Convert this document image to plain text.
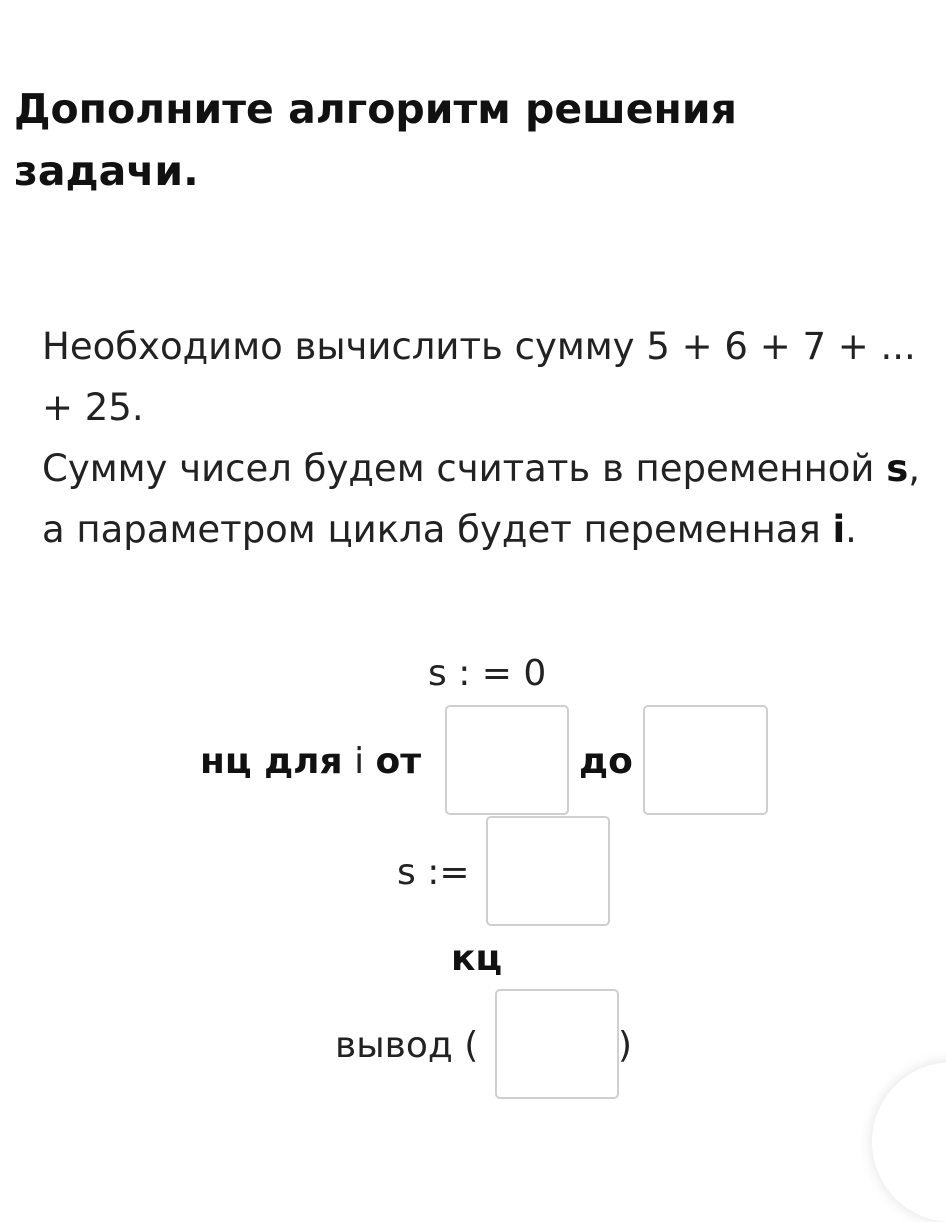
Дополните алгоритм решения задачи.

Необходимо вычислить сумму 5 + 6 + 7 + ... + 25.
Сумму чисел будем считать в переменной s, а параметром цикла будет переменная i.

s : = 0
нц для i от	до
s :=
кц
вывод (	)
